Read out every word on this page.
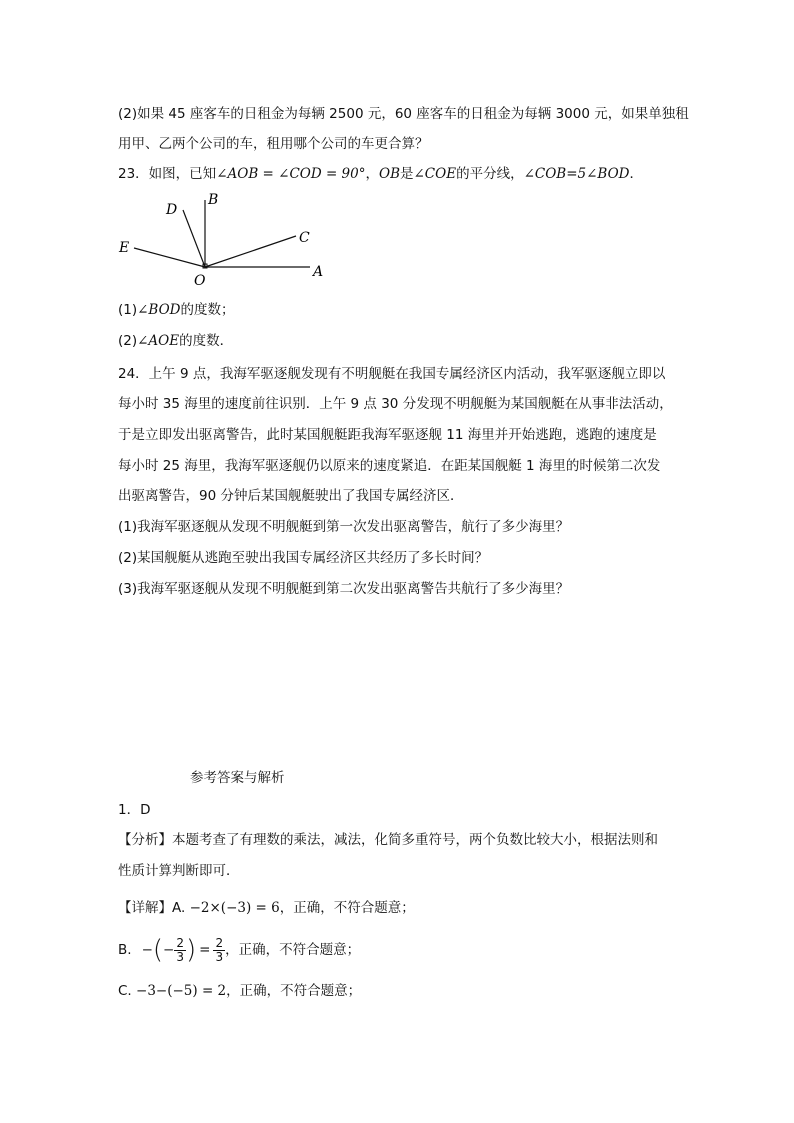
(2)如果 45 座客车的日租金为每辆 2500 元，60 座客车的日租金为每辆 3000 元，如果单独租
用甲、乙两个公司的车，租用哪个公司的车更合算？
23．如图，已知∠AOB = ∠COD = 90°，OB是∠COE的平分线，∠COB=5∠BOD．
B
D
C
E
O
A
(1)∠BOD的度数；
(2)∠AOE的度数．
24．上午 9 点，我海军驱逐舰发现有不明舰艇在我国专属经济区内活动，我军驱逐舰立即以
每小时 35 海里的速度前往识别．上午 9 点 30 分发现不明舰艇为某国舰艇在从事非法活动，
于是立即发出驱离警告，此时某国舰艇距我海军驱逐舰 11 海里并开始逃跑，逃跑的速度是
每小时 25 海里，我海军驱逐舰仍以原来的速度紧追．在距某国舰艇 1 海里的时候第二次发
出驱离警告，90 分钟后某国舰艇驶出了我国专属经济区．
(1)我海军驱逐舰从发现不明舰艇到第一次发出驱离警告，航行了多少海里？
(2)某国舰艇从逃跑至驶出我国专属经济区共经历了多长时间？
(3)我海军驱逐舰从发现不明舰艇到第二次发出驱离警告共航行了多少海里？
参考答案与解析
1．D
【分析】本题考查了有理数的乘法，减法，化简多重符号，两个负数比较大小，根据法则和
性质计算判断即可．
【详解】A. −2×(−3) = 6，正确，不符合题意；
B. − ( − $\frac{2}{3}$ ) = $\frac{2}{3}$ ，正确，不符合题意；
C. −3−(−5) = 2，正确，不符合题意；
